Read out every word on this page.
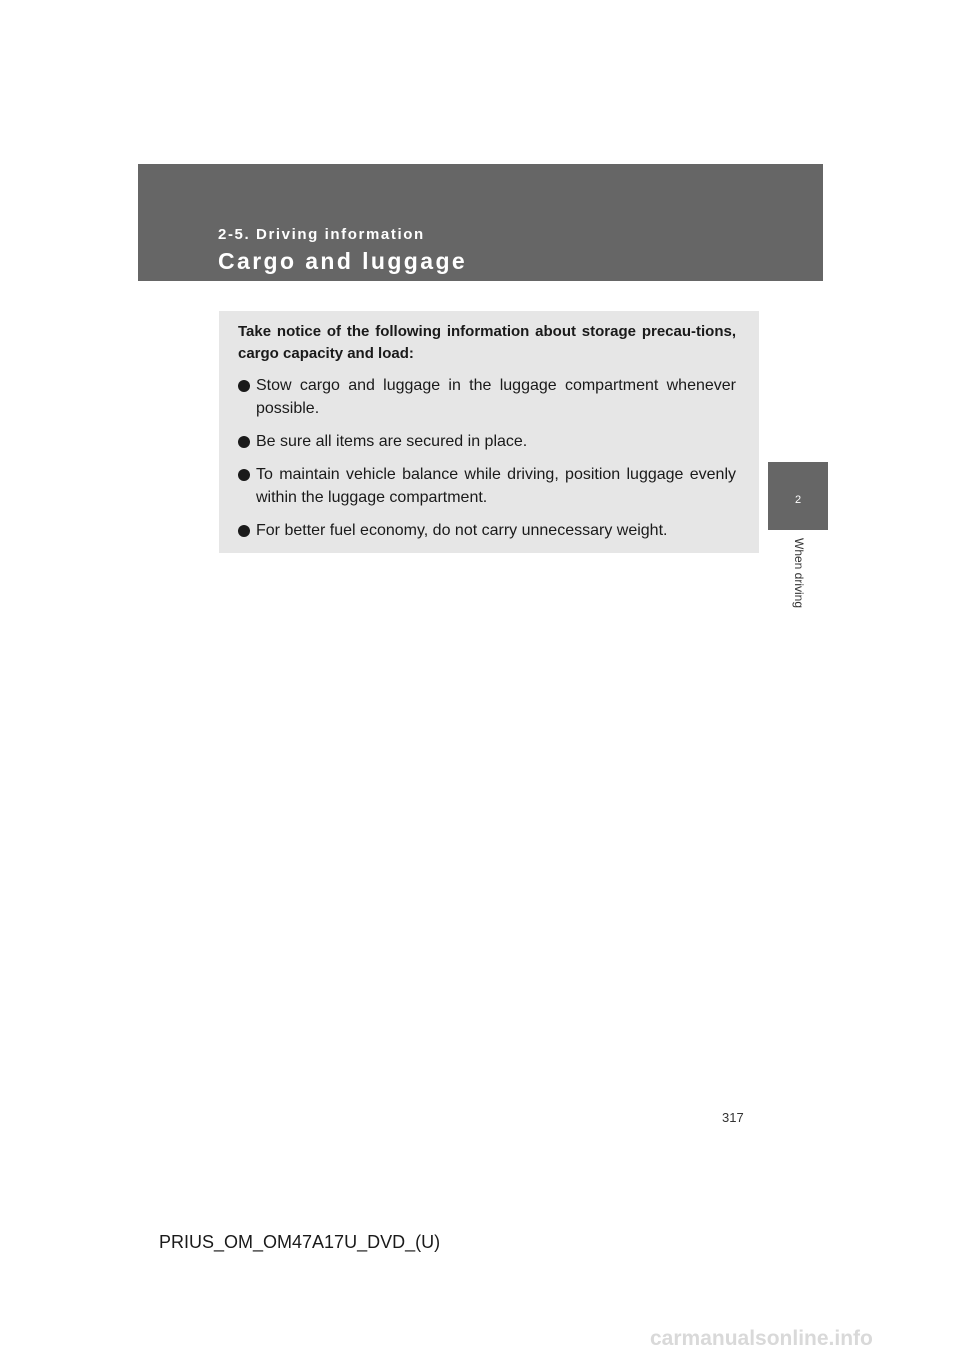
2-5. Driving information
Cargo and luggage

Take notice of the following information about storage precau-tions, cargo capacity and load:

Stow cargo and luggage in the luggage compartment whenever possible.
Be sure all items are secured in place.
To maintain vehicle balance while driving, position luggage evenly within the luggage compartment.
For better fuel economy, do not carry unnecessary weight.
2
When driving
317
PRIUS_OM_OM47A17U_DVD_(U)
carmanualsonline.info
